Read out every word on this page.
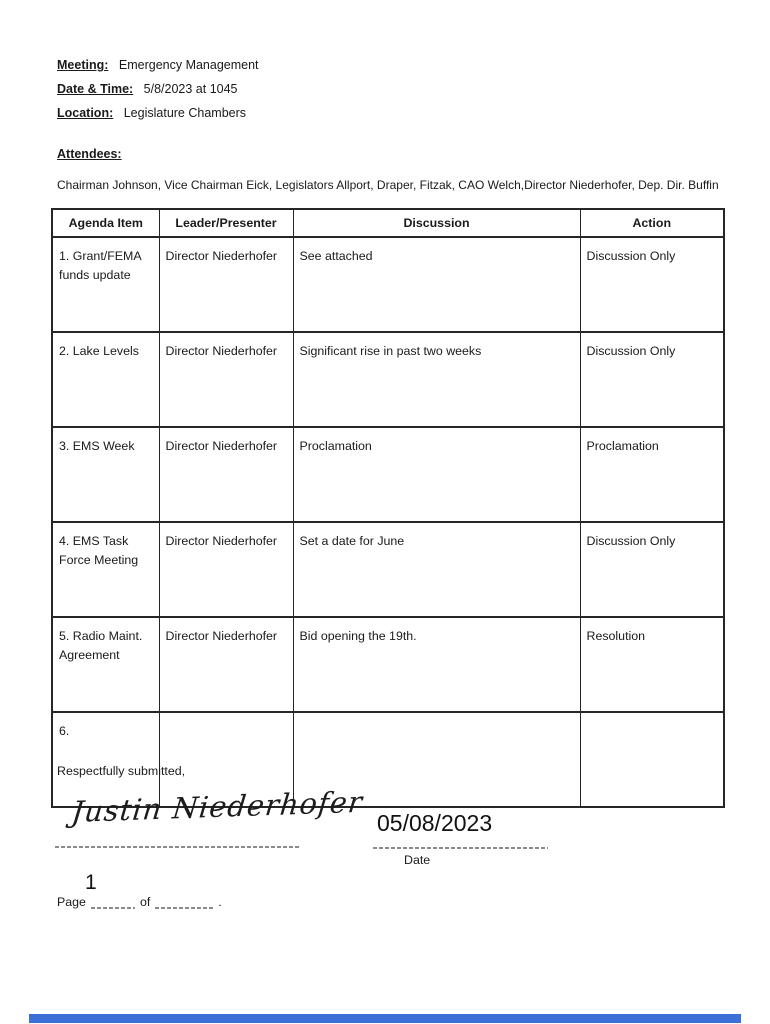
Meeting: Emergency Management
Date & Time: 5/8/2023 at 1045
Location: Legislature Chambers
Attendees:
Chairman Johnson, Vice Chairman Eick, Legislators Allport, Draper, Fitzak, CAO Welch,Director Niederhofer, Dep. Dir. Buffin
Agenda Item	Leader/Presenter	Discussion	Action
1. Grant/FEMA funds update	Director Niederhofer	See attached	Discussion Only
2. Lake Levels	Director Niederhofer	Significant rise in past two weeks	Discussion Only
3. EMS Week	Director Niederhofer	Proclamation	Proclamation
4. EMS Task Force Meeting	Director Niederhofer	Set a date for June	Discussion Only
5. Radio Maint. Agreement	Director Niederhofer	Bid opening the 19th.	Resolution
6.			
Respectfully submitted,
Justin Niederhofer 05/08/2023
Date
1
Page	of	.
